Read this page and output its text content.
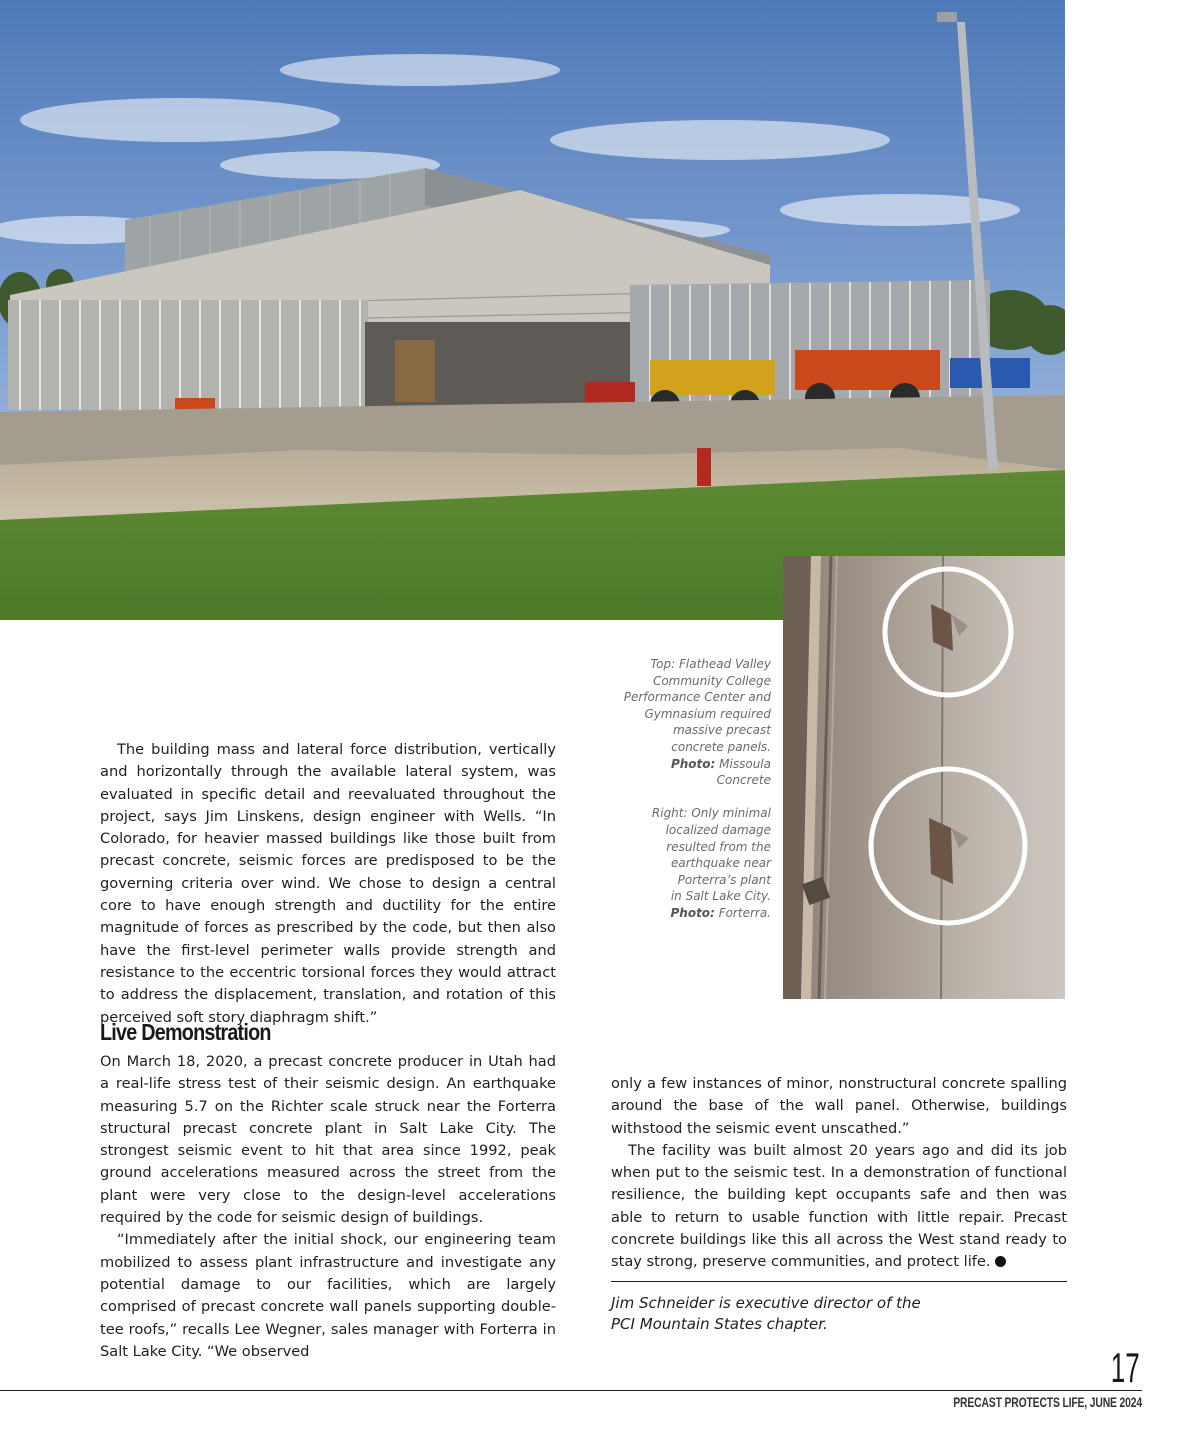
Top: Flathead Valley
Community College
Performance Center and
Gymnasium required
massive precast
concrete panels.
Photo: Missoula
Concrete
Right: Only minimal
localized damage
resulted from the
earthquake near
Porterra’s plant
in Salt Lake City.
Photo: Forterra.

The building mass and lateral force distribution, vertically and horizontally through the available lateral system, was evaluated in specific detail and reevaluated throughout the project, says Jim Linskens, design engineer with Wells. “In Colorado, for heavier massed buildings like those built from precast concrete, seismic forces are predisposed to be the governing criteria over wind. We chose to design a central core to have enough strength and ductility for the entire magnitude of forces as prescribed by the code, but then also have the first-level perimeter walls provide strength and resistance to the eccentric torsional forces they would attract to address the displacement, translation, and rotation of this perceived soft story diaphragm shift.”

Live Demonstration

On March 18, 2020, a precast concrete producer in Utah had a real-life stress test of their seismic design. An earthquake measuring 5.7 on the Richter scale struck near the Forterra structural precast concrete plant in Salt Lake City. The strongest seismic event to hit that area since 1992, peak ground accelerations measured across the street from the plant were very close to the design-level accelerations required by the code for seismic design of buildings.

“Immediately after the initial shock, our engineering team mobilized to assess plant infrastructure and investigate any potential damage to our facilities, which are largely comprised of precast concrete wall panels supporting double-tee roofs,” recalls Lee Wegner, sales manager with Forterra in Salt Lake City. “We observed

only a few instances of minor, nonstructural concrete spalling around the base of the wall panel. Otherwise, buildings withstood the seismic event unscathed.”

The facility was built almost 20 years ago and did its job when put to the seismic test. In a demonstration of functional resilience, the building kept occupants safe and then was able to return to usable function with little repair. Precast concrete buildings like this all across the West stand ready to stay strong, preserve communities, and protect life.

Jim Schneider is executive director of the
PCI Mountain States chapter.
17
PRECAST PROTECTS LIFE, JUNE 2024
